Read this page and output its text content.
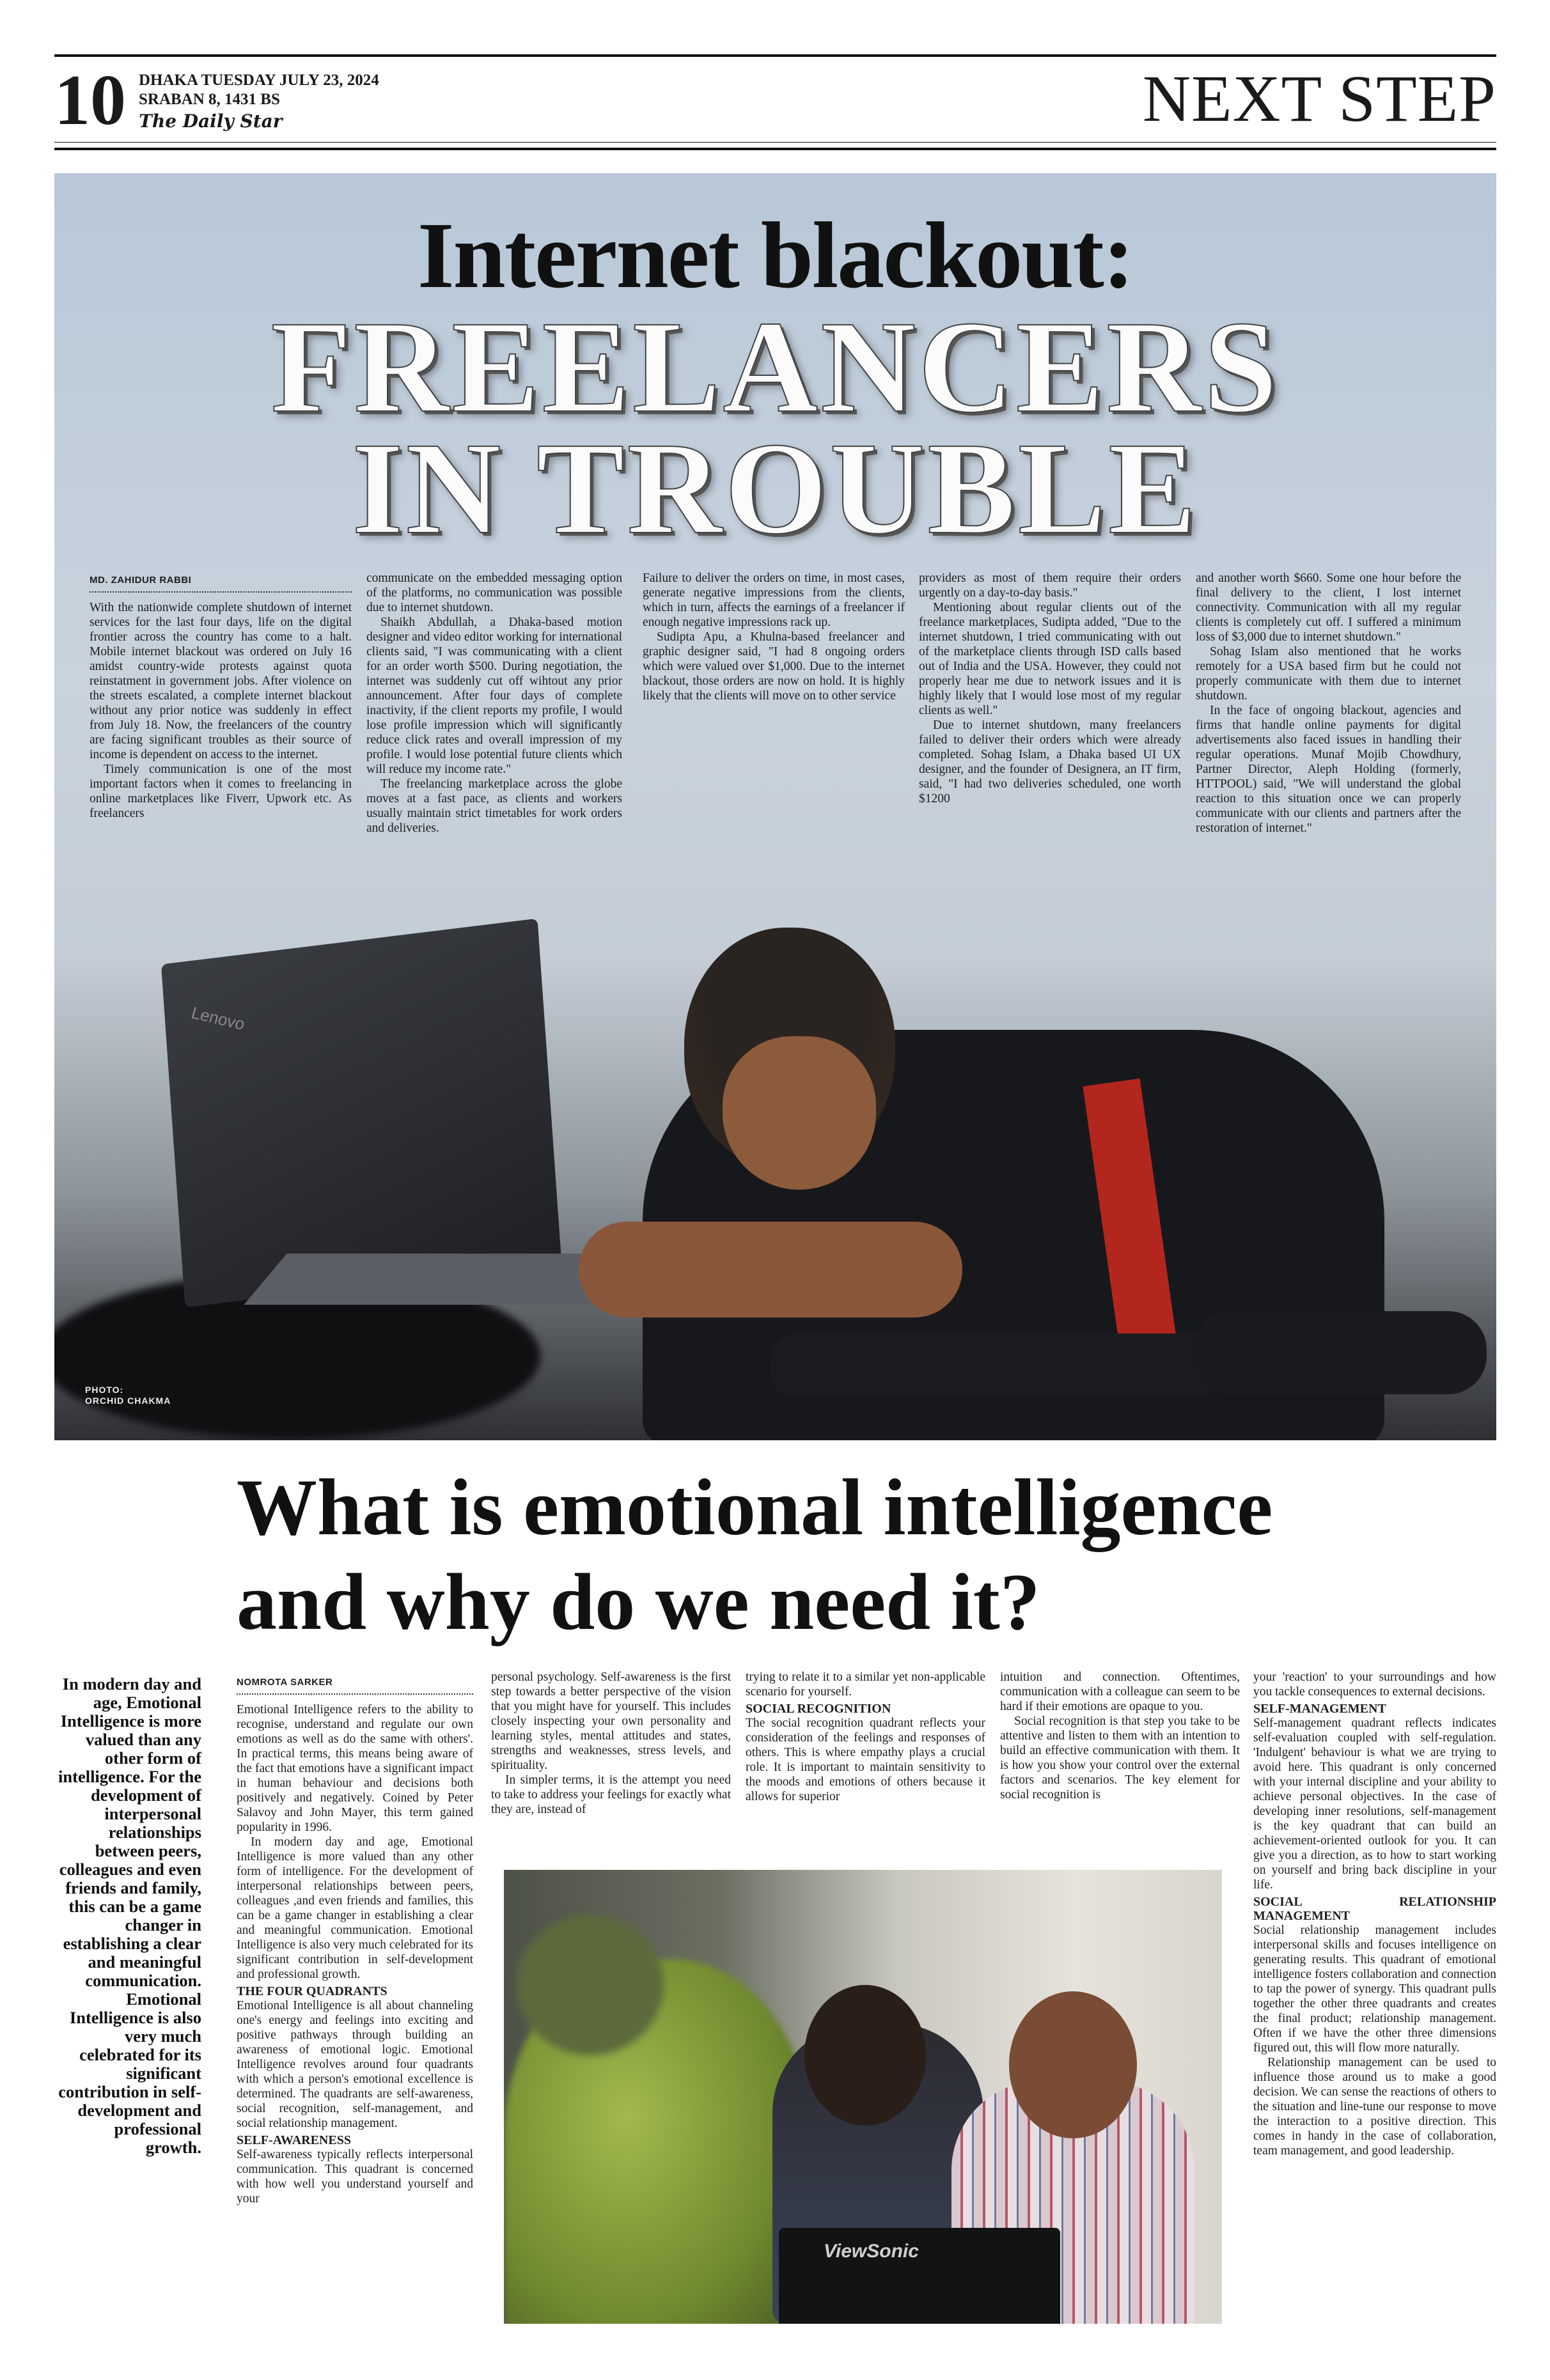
10 DHAKA TUESDAY JULY 23, 2024
SRABAN 8, 1431 BS
The Daily Star	NEXT STEP
Lenovo
Internet blackout:
FREELANCERS
IN TROUBLE
MD. ZAHIDUR RABBI

With the nationwide complete shutdown of internet services for the last four days, life on the digital frontier across the country has come to a halt. Mobile internet blackout was ordered on July 16 amidst country-wide protests against quota reinstatment in government jobs. After violence on the streets escalated, a complete internet blackout without any prior notice was suddenly in effect from July 18. Now, the freelancers of the country are facing significant troubles as their source of income is dependent on access to the internet.

Timely communication is one of the most important factors when it comes to freelancing in online marketplaces like Fiverr, Upwork etc. As freelancers

communicate on the embedded messaging option of the platforms, no communication was possible due to internet shutdown.

Shaikh Abdullah, a Dhaka-based motion designer and video editor working for international clients said, "I was communicating with a client for an order worth $500. During negotiation, the internet was suddenly cut off wihtout any prior announcement. After four days of complete inactivity, if the client reports my profile, I would lose profile impression which will significantly reduce click rates and overall impression of my profile. I would lose potential future clients which will reduce my income rate."

The freelancing marketplace across the globe moves at a fast pace, as clients and workers usually maintain strict timetables for work orders and deliveries.

Failure to deliver the orders on time, in most cases, generate negative impressions from the clients, which in turn, affects the earnings of a freelancer if enough negative impressions rack up.

Sudipta Apu, a Khulna-based freelancer and graphic designer said, "I had 8 ongoing orders which were valued over $1,000. Due to the internet blackout, those orders are now on hold. It is highly likely that the clients will move on to other service

providers as most of them require their orders urgently on a day-to-day basis."

Mentioning about regular clients out of the freelance marketplaces, Sudipta added, "Due to the internet shutdown, I tried communicating with out of the marketplace clients through ISD calls based out of India and the USA. However, they could not properly hear me due to network issues and it is highly likely that I would lose most of my regular clients as well."

Due to internet shutdown, many freelancers failed to deliver their orders which were already completed. Sohag Islam, a Dhaka based UI UX designer, and the founder of Designera, an IT firm, said, "I had two deliveries scheduled, one worth $1200

and another worth $660. Some one hour before the final delivery to the client, I lost internet connectivity. Communication with all my regular clients is completely cut off. I suffered a minimum loss of $3,000 due to internet shutdown."

Sohag Islam also mentioned that he works remotely for a USA based firm but he could not properly communicate with them due to internet shutdown.

In the face of ongoing blackout, agencies and firms that handle online payments for digital advertisements also faced issues in handling their regular operations. Munaf Mojib Chowdhury, Partner Director, Aleph Holding (formerly, HTTPOOL) said, "We will understand the global reaction to this situation once we can properly communicate with our clients and partners after the restoration of internet."

PHOTO:
ORCHID CHAKMA
What is emotional intelligence
and why do we need it?
In modern day and age, Emotional Intelligence is more valued than any other form of intelligence. For the development of interpersonal relationships between peers, colleagues and even friends and family, this can be a game changer in establishing a clear and meaningful communication. Emotional Intelligence is also very much celebrated for its significant contribution in self-development and professional growth.
NOMROTA SARKER

Emotional Intelligence refers to the ability to recognise, understand and regulate our own emotions as well as do the same with others'. In practical terms, this means being aware of the fact that emotions have a significant impact in human behaviour and decisions both positively and negatively. Coined by Peter Salavoy and John Mayer, this term gained popularity in 1996.

In modern day and age, Emotional Intelligence is more valued than any other form of intelligence. For the development of interpersonal relationships between peers, colleagues ,and even friends and families, this can be a game changer in establishing a clear and meaningful communication. Emotional Intelligence is also very much celebrated for its significant contribution in self-development and professional growth.

THE FOUR QUADRANTS

Emotional Intelligence is all about channeling one's energy and feelings into exciting and positive pathways through building an awareness of emotional logic. Emotional Intelligence revolves around four quadrants with which a person's emotional excellence is determined. The quadrants are self-awareness, social recognition, self-management, and social relationship management.

SELF-AWARENESS

Self-awareness typically reflects interpersonal communication. This quadrant is concerned with how well you understand yourself and your

personal psychology. Self-awareness is the first step towards a better perspective of the vision that you might have for yourself. This includes closely inspecting your own personality and learning styles, mental attitudes and states, strengths and weaknesses, stress levels, and spirituality.

In simpler terms, it is the attempt you need to take to address your feelings for exactly what they are, instead of

trying to relate it to a similar yet non-applicable scenario for yourself.

SOCIAL RECOGNITION

The social recognition quadrant reflects your consideration of the feelings and responses of others. This is where empathy plays a crucial role. It is important to maintain sensitivity to the moods and emotions of others because it allows for superior

intuition and connection. Oftentimes, communication with a colleague can seem to be hard if their emotions are opaque to you.

Social recognition is that step you take to be attentive and listen to them with an intention to build an effective communication with them. It is how you show your control over the external factors and scenarios. The key element for social recognition is

your 'reaction' to your surroundings and how you tackle consequences to external decisions.

SELF-MANAGEMENT

Self-management quadrant reflects indicates self-evaluation coupled with self-regulation. 'Indulgent' behaviour is what we are trying to avoid here. This quadrant is only concerned with your internal discipline and your ability to achieve personal objectives. In the case of developing inner resolutions, self-management is the key quadrant that can build an achievement-oriented outlook for you. It can give you a direction, as to how to start working on yourself and bring back discipline in your life.

SOCIAL RELATIONSHIP MANAGEMENT

Social relationship management includes interpersonal skills and focuses intelligence on generating results. This quadrant of emotional intelligence fosters collaboration and connection to tap the power of synergy. This quadrant pulls together the other three quadrants and creates the final product; relationship management. Often if we have the other three dimensions figured out, this will flow more naturally.

Relationship management can be used to influence those around us to make a good decision. We can sense the reactions of others to the situation and line-tune our response to move the interaction to a positive direction. This comes in handy in the case of collaboration, team management, and good leadership.

ViewSonic
